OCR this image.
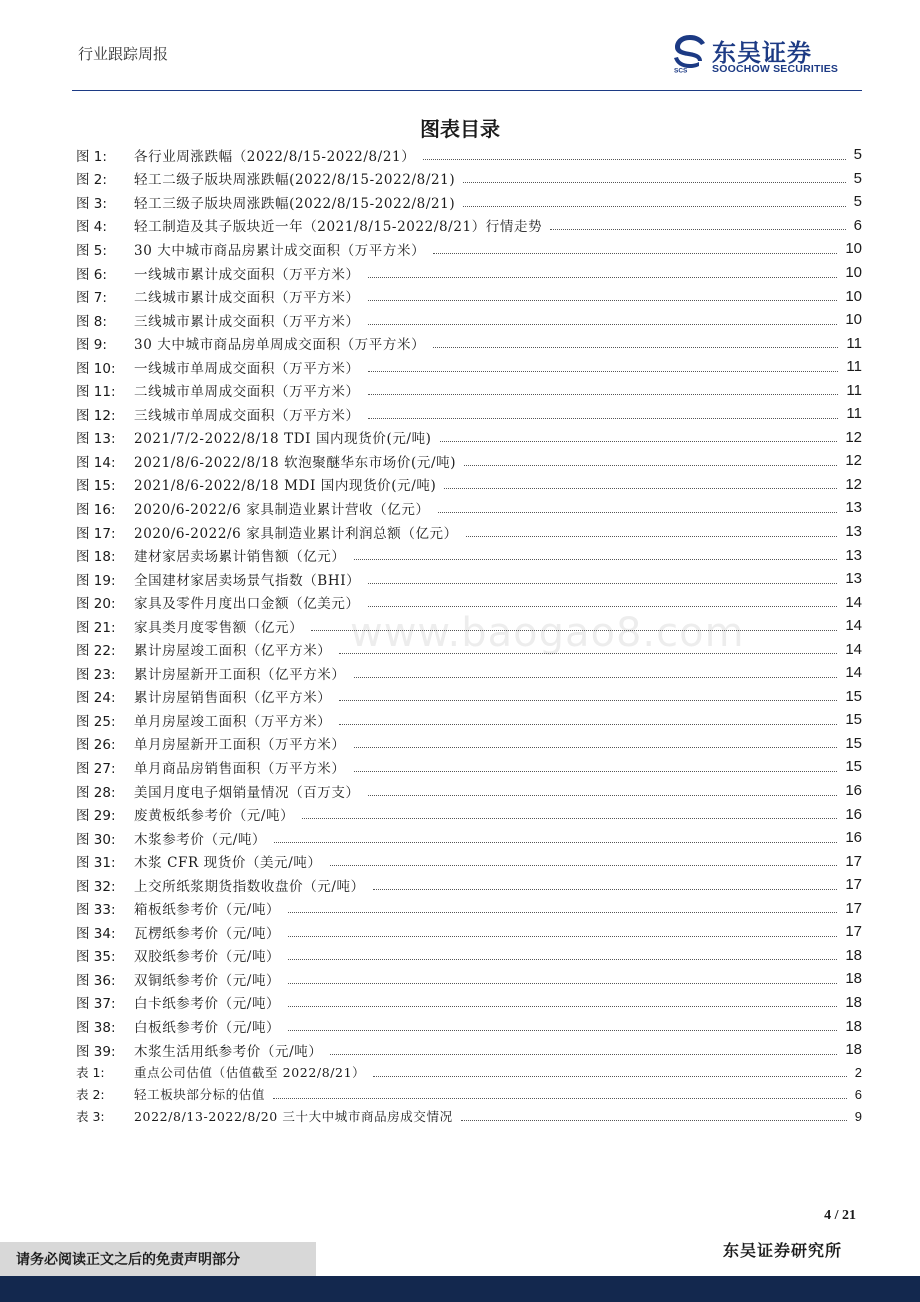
行业跟踪周报
SCS
东吴证券
SOOCHOW SECURITIES
图表目录
图 1:	各行业周涨跌幅（2022/8/15-2022/8/21）	5
图 2:	轻工二级子版块周涨跌幅(2022/8/15-2022/8/21)	5
图 3:	轻工三级子版块周涨跌幅(2022/8/15-2022/8/21)	5
图 4:	轻工制造及其子版块近一年（2021/8/15-2022/8/21）行情走势	6
图 5:	30 大中城市商品房累计成交面积（万平方米）	10
图 6:	一线城市累计成交面积（万平方米）	10
图 7:	二线城市累计成交面积（万平方米）	10
图 8:	三线城市累计成交面积（万平方米）	10
图 9:	30 大中城市商品房单周成交面积（万平方米）	11
图 10:	一线城市单周成交面积（万平方米）	11
图 11:	二线城市单周成交面积（万平方米）	11
图 12:	三线城市单周成交面积（万平方米）	11
图 13:	2021/7/2-2022/8/18 TDI 国内现货价(元/吨)	12
图 14:	2021/8/6-2022/8/18 软泡聚醚华东市场价(元/吨)	12
图 15:	2021/8/6-2022/8/18 MDI 国内现货价(元/吨)	12
图 16:	2020/6-2022/6 家具制造业累计营收（亿元）	13
图 17:	2020/6-2022/6 家具制造业累计利润总额（亿元）	13
图 18:	建材家居卖场累计销售额（亿元）	13
图 19:	全国建材家居卖场景气指数（BHI）	13
图 20:	家具及零件月度出口金额（亿美元）	14
图 21:	家具类月度零售额（亿元）	14
图 22:	累计房屋竣工面积（亿平方米）	14
图 23:	累计房屋新开工面积（亿平方米）	14
图 24:	累计房屋销售面积（亿平方米）	15
图 25:	单月房屋竣工面积（万平方米）	15
图 26:	单月房屋新开工面积（万平方米）	15
图 27:	单月商品房销售面积（万平方米）	15
图 28:	美国月度电子烟销量情况（百万支）	16
图 29:	废黄板纸参考价（元/吨）	16
图 30:	木浆参考价（元/吨）	16
图 31:	木浆 CFR 现货价（美元/吨）	17
图 32:	上交所纸浆期货指数收盘价（元/吨）	17
图 33:	箱板纸参考价（元/吨）	17
图 34:	瓦楞纸参考价（元/吨）	17
图 35:	双胶纸参考价（元/吨）	18
图 36:	双铜纸参考价（元/吨）	18
图 37:	白卡纸参考价（元/吨）	18
图 38:	白板纸参考价（元/吨）	18
图 39:	木浆生活用纸参考价（元/吨）	18
表 1:	重点公司估值（估值截至 2022/8/21）	2
表 2:	轻工板块部分标的估值	6
表 3:	2022/8/13-2022/8/20 三十大中城市商品房成交情况	9
www.baogao8.com
4 / 21
请务必阅读正文之后的免责声明部分	东吴证券研究所
